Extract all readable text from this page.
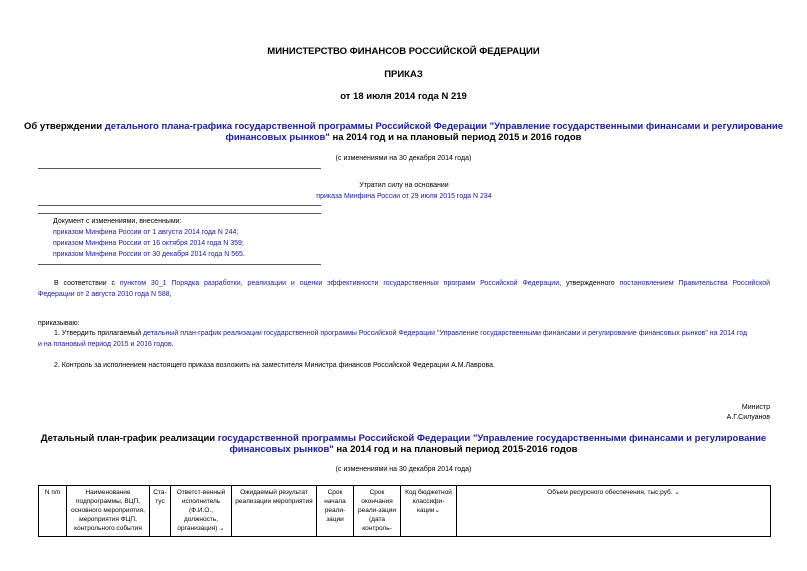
МИНИСТЕРСТВО ФИНАНСОВ РОССИЙСКОЙ ФЕДЕРАЦИИ
ПРИКАЗ
от 18 июля 2014 года N 219
Об утверждении детального плана-графика государственной программы Российской Федерации "Управление государственными финансами и регулирование
финансовых рынков" на 2014 год и на плановый период 2015 и 2016 годов
(с изменениями на 30 декабря 2014 года)
Утратил силу на основании
приказа Минфина России от 29 июля 2015 года N 234
Документ с изменениями, внесенными:
приказом Минфина России от 1 августа 2014 года N 244;
приказом Минфина России от 16 октября 2014 года N 359;
приказом Минфина России от 30 декабря 2014 года N 565.
В соответствии с пунктом 30_1 Порядка разработки, реализации и оценки эффективности государственных программ Российской Федерации, утвержденного постановлением Правительства Российской
Федерации от 2 августа 2010 года N 588,
приказываю:
1. Утвердить прилагаемый детальный план-график реализации государственной программы Российской Федерации "Управление государственными финансами и регулирование финансовых рынков" на 2014 год
и на плановый период 2015 и 2016 годов.
2. Контроль за исполнением настоящего приказа возложить на заместителя Министра финансов Российской Федерации А.М.Лаврова.
Министр
А.Г.Силуанов
Детальный план-график реализации государственной программы Российской Федерации "Управление государственными финансами и регулирование
финансовых рынков" на 2014 год и на плановый период 2015-2016 годов
(с изменениями на 30 декабря 2014 года)
N п/п	Наименование подпрограммы, ВЦП, основного мероприятия, мероприятия ФЦП, контрольного события	Ста-тус	Ответст-венный исполнитель (Ф.И.О., должность, организация) ⌄	Ожидаемый результат реализации мероприятия	Срок начала реали-зации	Срок окончания реали-зации (дата контроль-	Код бюджетной классифи-кации⌄	Объем ресурсного обеспечения, тыс.руб. ⌄
